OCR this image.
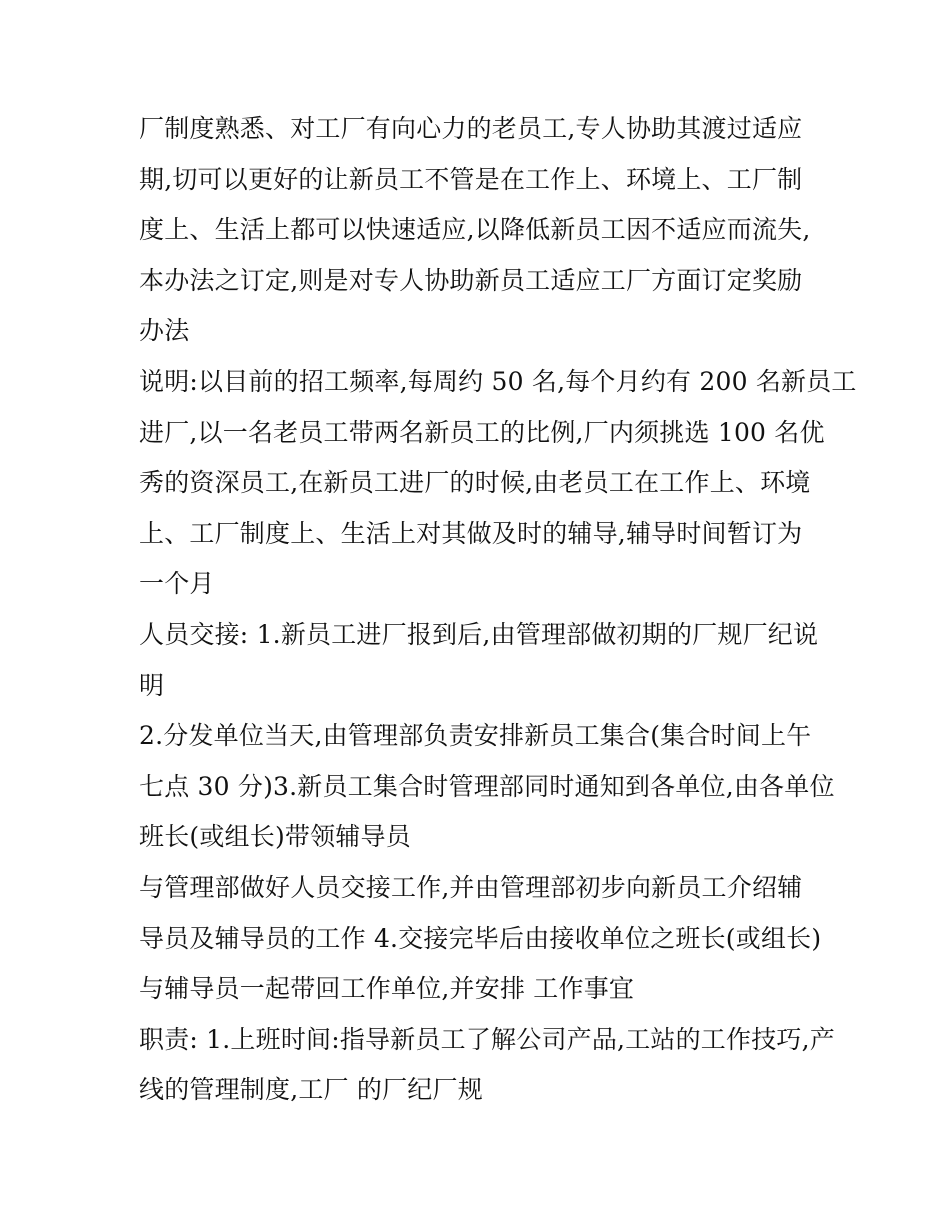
厂制度熟悉、对工厂有向心力的老员工,专人协助其渡过适应
期,切可以更好的让新员工不管是在工作上、环境上、工厂制
度上、生活上都可以快速适应,以降低新员工因不适应而流失,
本办法之订定,则是对专人协助新员工适应工厂方面订定奖励
办法
说明:以目前的招工频率,每周约 50 名,每个月约有 200 名新员工
进厂,以一名老员工带两名新员工的比例,厂内须挑选 100 名优
秀的资深员工,在新员工进厂的时候,由老员工在工作上、环境
上、工厂制度上、生活上对其做及时的辅导,辅导时间暂订为
一个月
人员交接: 1.新员工进厂报到后,由管理部做初期的厂规厂纪说
明
2.分发单位当天,由管理部负责安排新员工集合(集合时间上午
七点 30 分)3.新员工集合时管理部同时通知到各单位,由各单位
班长(或组长)带领辅导员
与管理部做好人员交接工作,并由管理部初步向新员工介绍辅
导员及辅导员的工作 4.交接完毕后由接收单位之班长(或组长)
与辅导员一起带回工作单位,并安排 工作事宜
职责: 1.上班时间:指导新员工了解公司产品,工站的工作技巧,产
线的管理制度,工厂 的厂纪厂规
